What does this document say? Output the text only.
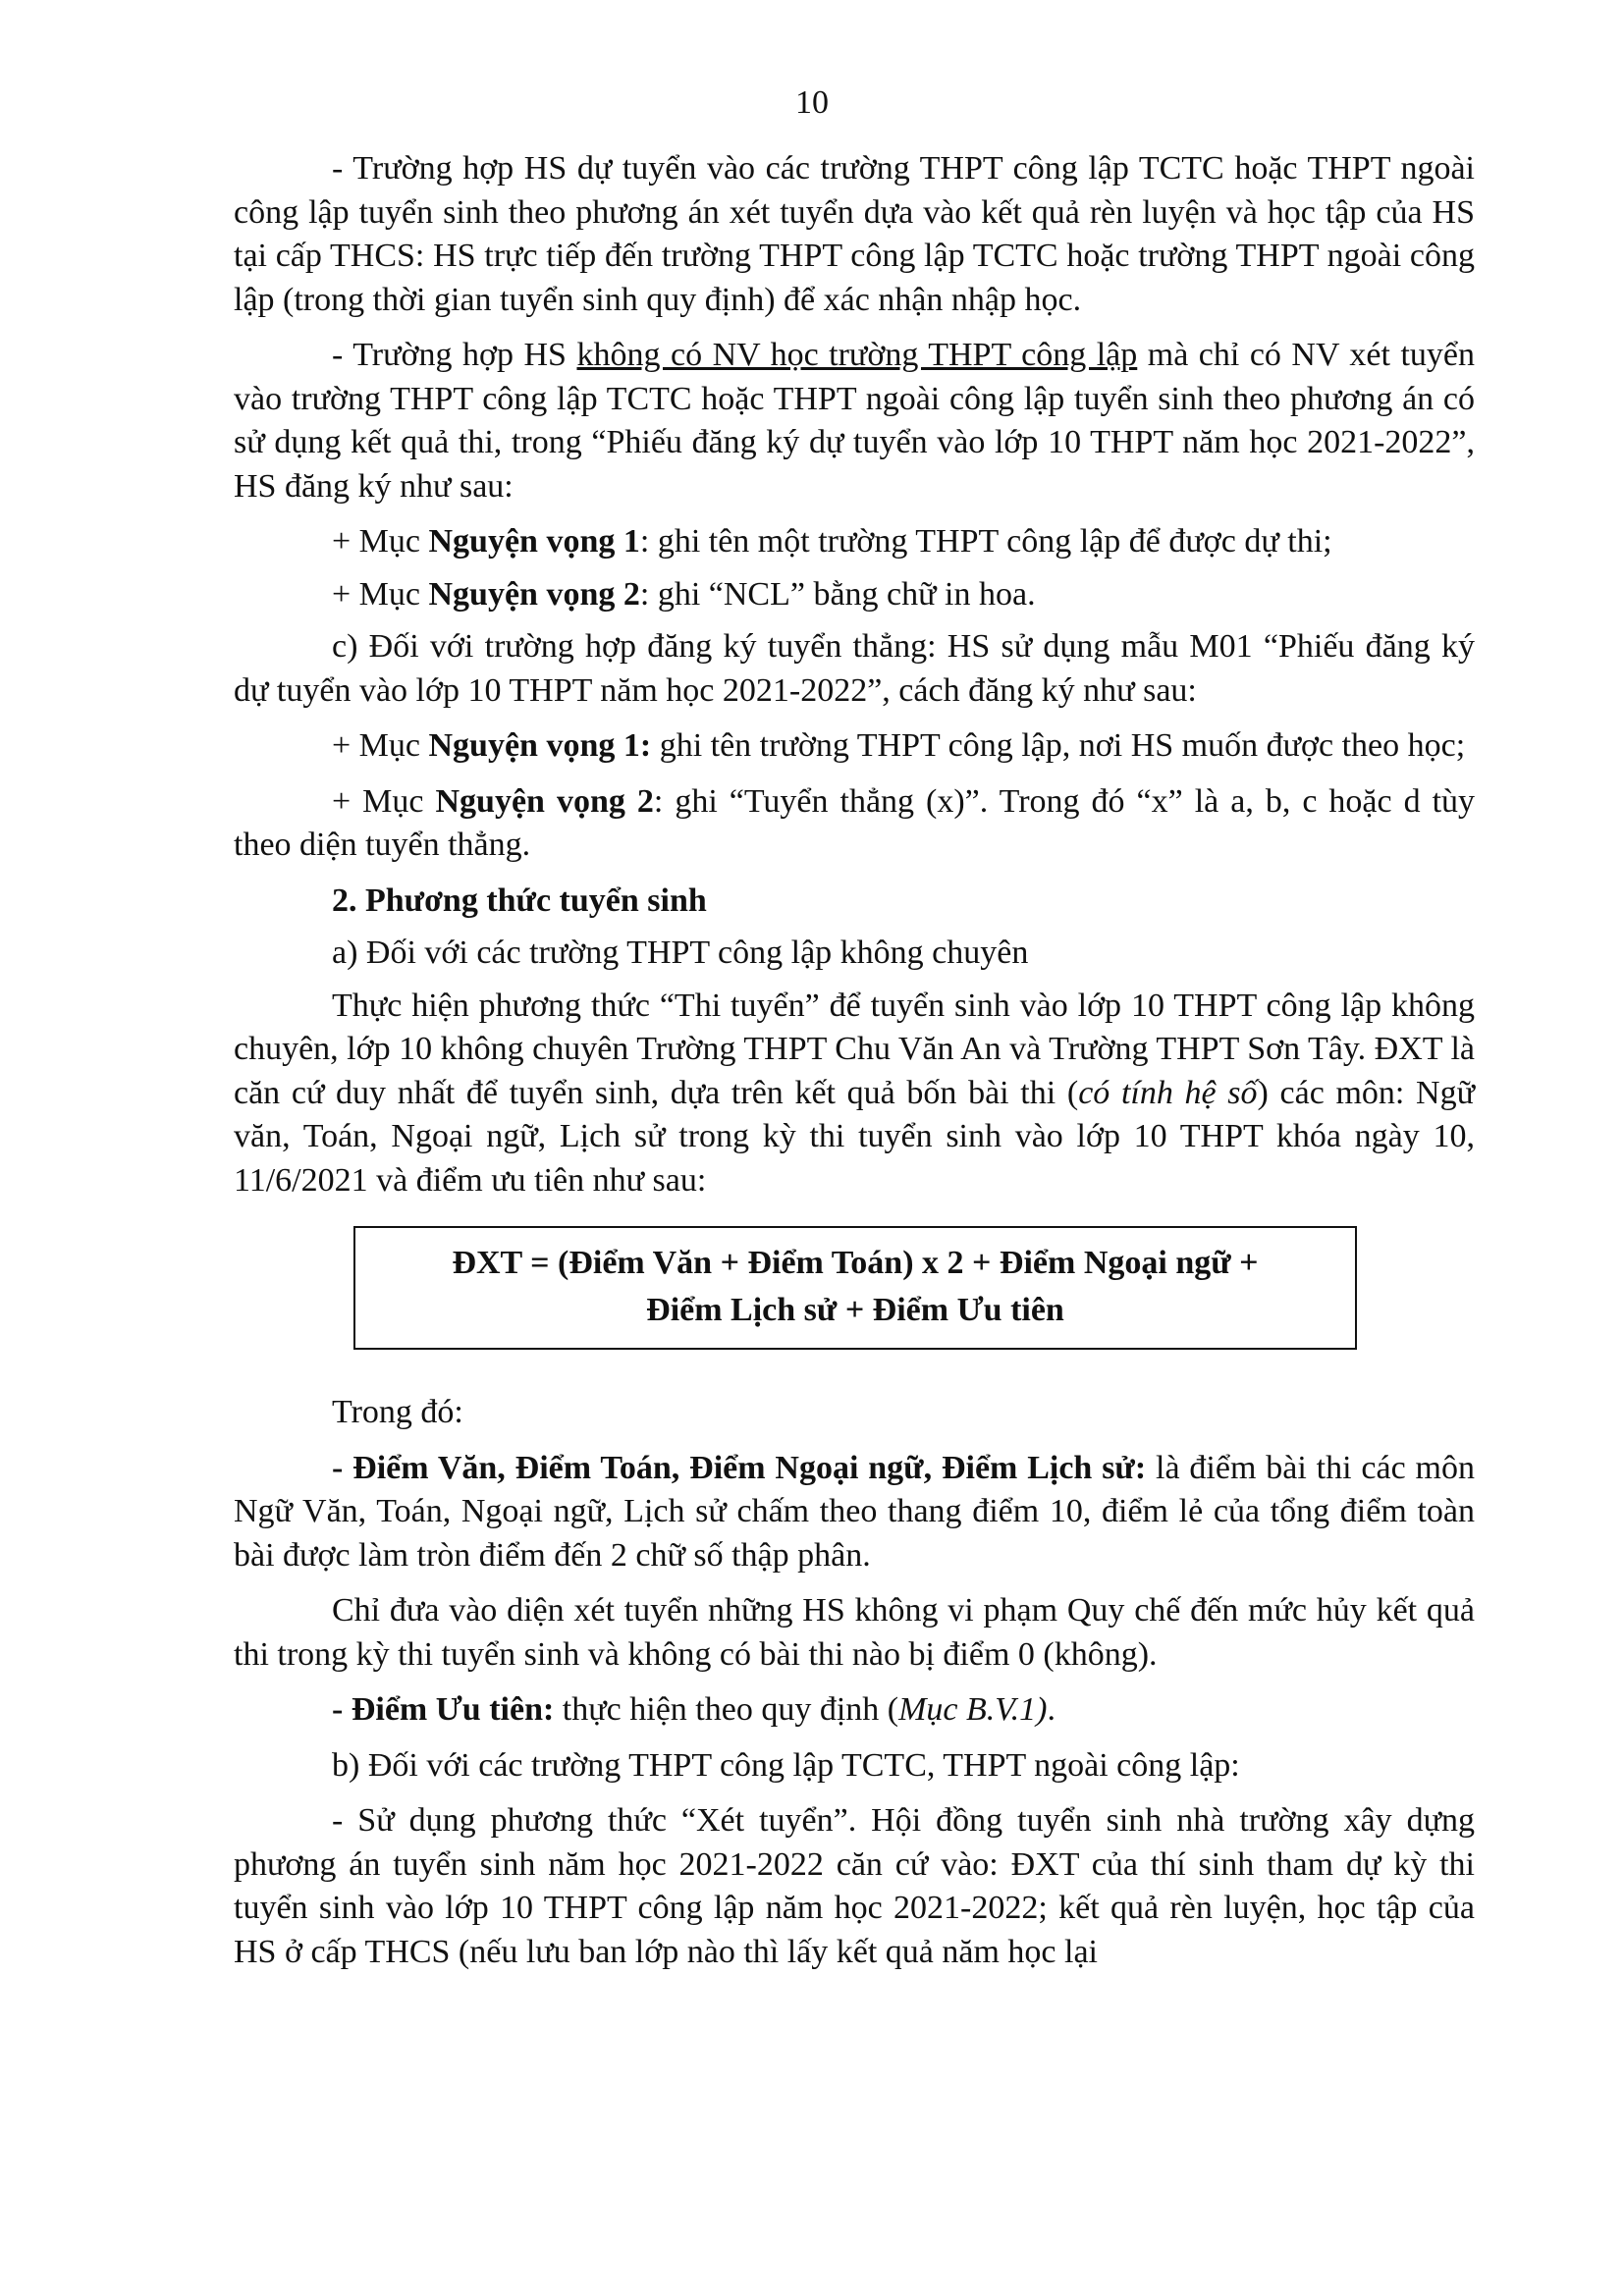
10

- Trường hợp HS dự tuyển vào các trường THPT công lập TCTC hoặc THPT ngoài công lập tuyển sinh theo phương án xét tuyển dựa vào kết quả rèn luyện và học tập của HS tại cấp THCS: HS trực tiếp đến trường THPT công lập TCTC hoặc trường THPT ngoài công lập (trong thời gian tuyển sinh quy định) để xác nhận nhập học.

- Trường hợp HS không có NV học trường THPT công lập mà chỉ có NV xét tuyển vào trường THPT công lập TCTC hoặc THPT ngoài công lập tuyển sinh theo phương án có sử dụng kết quả thi, trong “Phiếu đăng ký dự tuyển vào lớp 10 THPT năm học 2021-2022”, HS đăng ký như sau:

+ Mục Nguyện vọng 1: ghi tên một trường THPT công lập để được dự thi;

+ Mục Nguyện vọng 2: ghi “NCL” bằng chữ in hoa.

c) Đối với trường hợp đăng ký tuyển thẳng: HS sử dụng mẫu M01 “Phiếu đăng ký dự tuyển vào lớp 10 THPT năm học 2021-2022”, cách đăng ký như sau:

+ Mục Nguyện vọng 1: ghi tên trường THPT công lập, nơi HS muốn được theo học;

+ Mục Nguyện vọng 2: ghi “Tuyển thẳng (x)”. Trong đó “x” là a, b, c hoặc d tùy theo diện tuyển thẳng.

2. Phương thức tuyển sinh

a) Đối với các trường THPT công lập không chuyên

Thực hiện phương thức “Thi tuyển” để tuyển sinh vào lớp 10 THPT công lập không chuyên, lớp 10 không chuyên Trường THPT Chu Văn An và Trường THPT Sơn Tây. ĐXT là căn cứ duy nhất để tuyển sinh, dựa trên kết quả bốn bài thi (có tính hệ số) các môn: Ngữ văn, Toán, Ngoại ngữ, Lịch sử trong kỳ thi tuyển sinh vào lớp 10 THPT khóa ngày 10, 11/6/2021 và điểm ưu tiên như sau:

ĐXT = (Điểm Văn + Điểm Toán) x 2 + Điểm Ngoại ngữ +
Điểm Lịch sử + Điểm Ưu tiên

Trong đó:

- Điểm Văn, Điểm Toán, Điểm Ngoại ngữ, Điểm Lịch sử: là điểm bài thi các môn Ngữ Văn, Toán, Ngoại ngữ, Lịch sử chấm theo thang điểm 10, điểm lẻ của tổng điểm toàn bài được làm tròn điểm đến 2 chữ số thập phân.

Chỉ đưa vào diện xét tuyển những HS không vi phạm Quy chế đến mức hủy kết quả thi trong kỳ thi tuyển sinh và không có bài thi nào bị điểm 0 (không).

- Điểm Ưu tiên: thực hiện theo quy định (Mục B.V.1).

b) Đối với các trường THPT công lập TCTC, THPT ngoài công lập:

- Sử dụng phương thức “Xét tuyển”. Hội đồng tuyển sinh nhà trường xây dựng phương án tuyển sinh năm học 2021-2022 căn cứ vào: ĐXT của thí sinh tham dự kỳ thi tuyển sinh vào lớp 10 THPT công lập năm học 2021-2022; kết quả rèn luyện, học tập của HS ở cấp THCS (nếu lưu ban lớp nào thì lấy kết quả năm học lại
